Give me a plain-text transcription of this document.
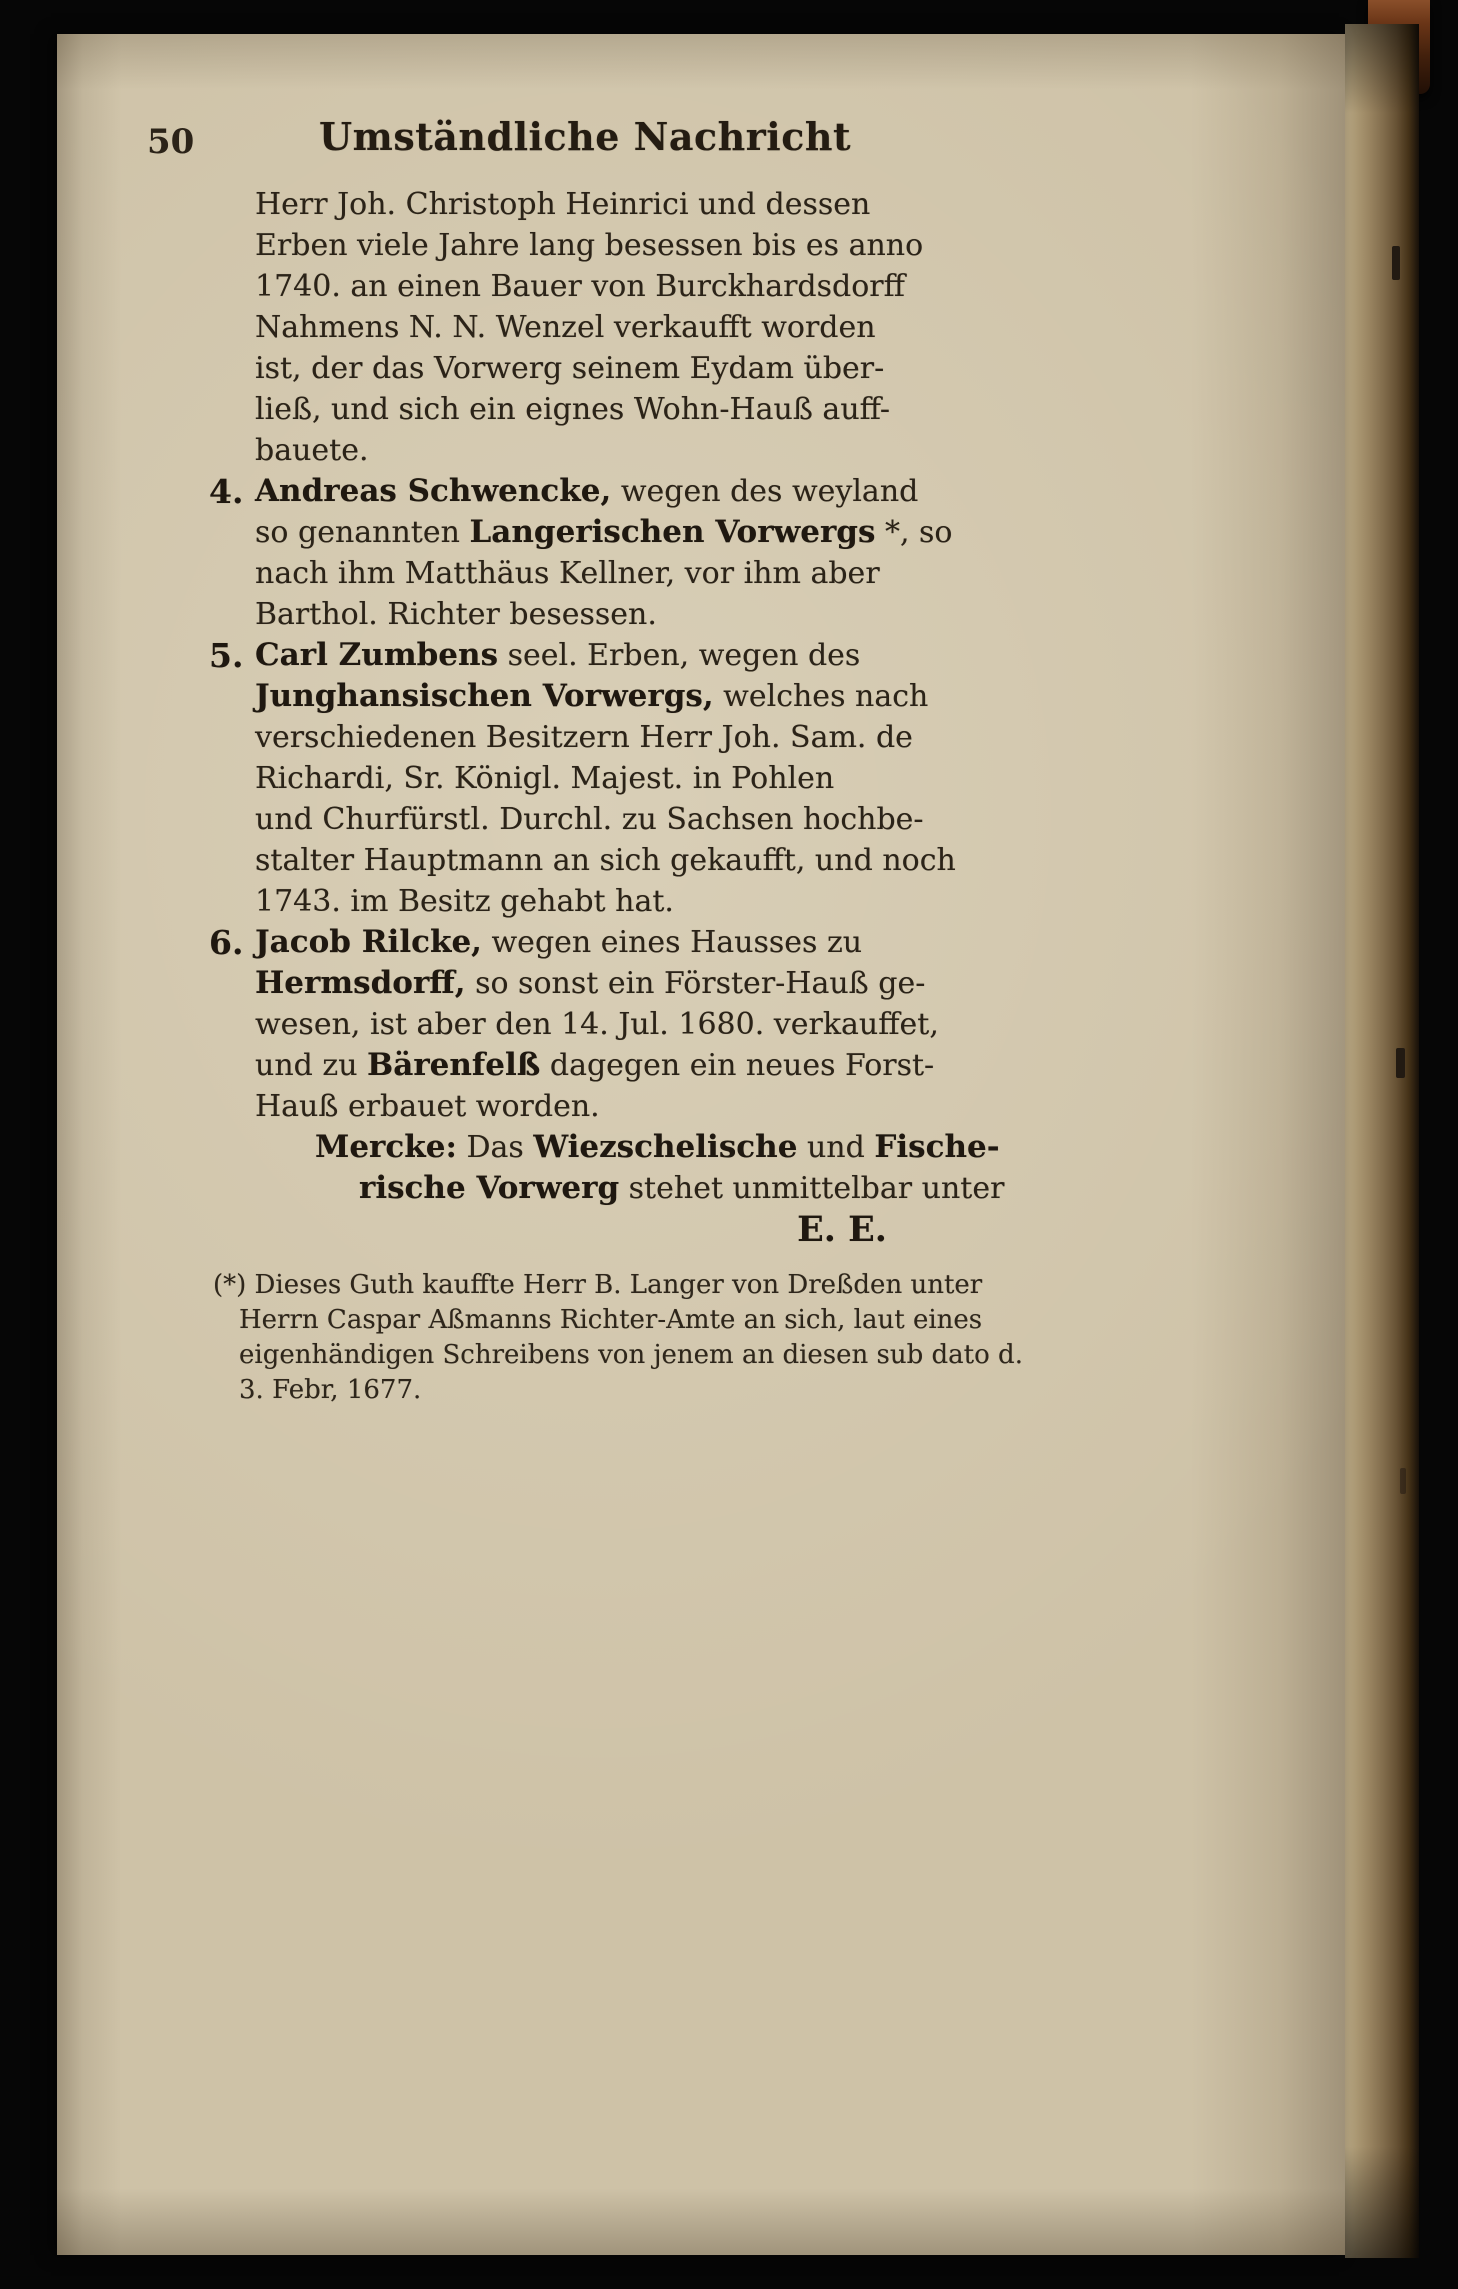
50	Umständliche Nachricht
Herr Joh. Christoph Heinrici und dessen
Erben viele Jahre lang besessen bis es anno
1740. an einen Bauer von Burckhardsdorff
Nahmens N. N. Wenzel verkaufft worden
ist, der das Vorwerg seinem Eydam über-
ließ, und sich ein eignes Wohn-Hauß auff-
bauete.
4. Andreas Schwencke, wegen des weyland
so genannten Langerischen Vorwergs *, so
nach ihm Matthäus Kellner, vor ihm aber
Barthol. Richter besessen.
5. Carl Zumbens seel. Erben, wegen des
Junghansischen Vorwergs, welches nach
verschiedenen Besitzern Herr Joh. Sam. de
Richardi, Sr. Königl. Majest. in Pohlen
und Churfürstl. Durchl. zu Sachsen hochbe-
stalter Hauptmann an sich gekaufft, und noch
1743. im Besitz gehabt hat.
6. Jacob Rilcke, wegen eines Hausses zu
Hermsdorff, so sonst ein Förster-Hauß ge-
wesen, ist aber den 14. Jul. 1680. verkauffet,
und zu Bärenfelß dagegen ein neues Forst-
Hauß erbauet worden.
Mercke: Das Wiezschelische und Fische-
rische Vorwerg stehet unmittelbar unter
E. E.
(*) Dieses Guth kauffte Herr B. Langer von Dreßden unter
Herrn Caspar Aßmanns Richter-Amte an sich, laut eines
eigenhändigen Schreibens von jenem an diesen sub dato d.
3. Febr, 1677.
